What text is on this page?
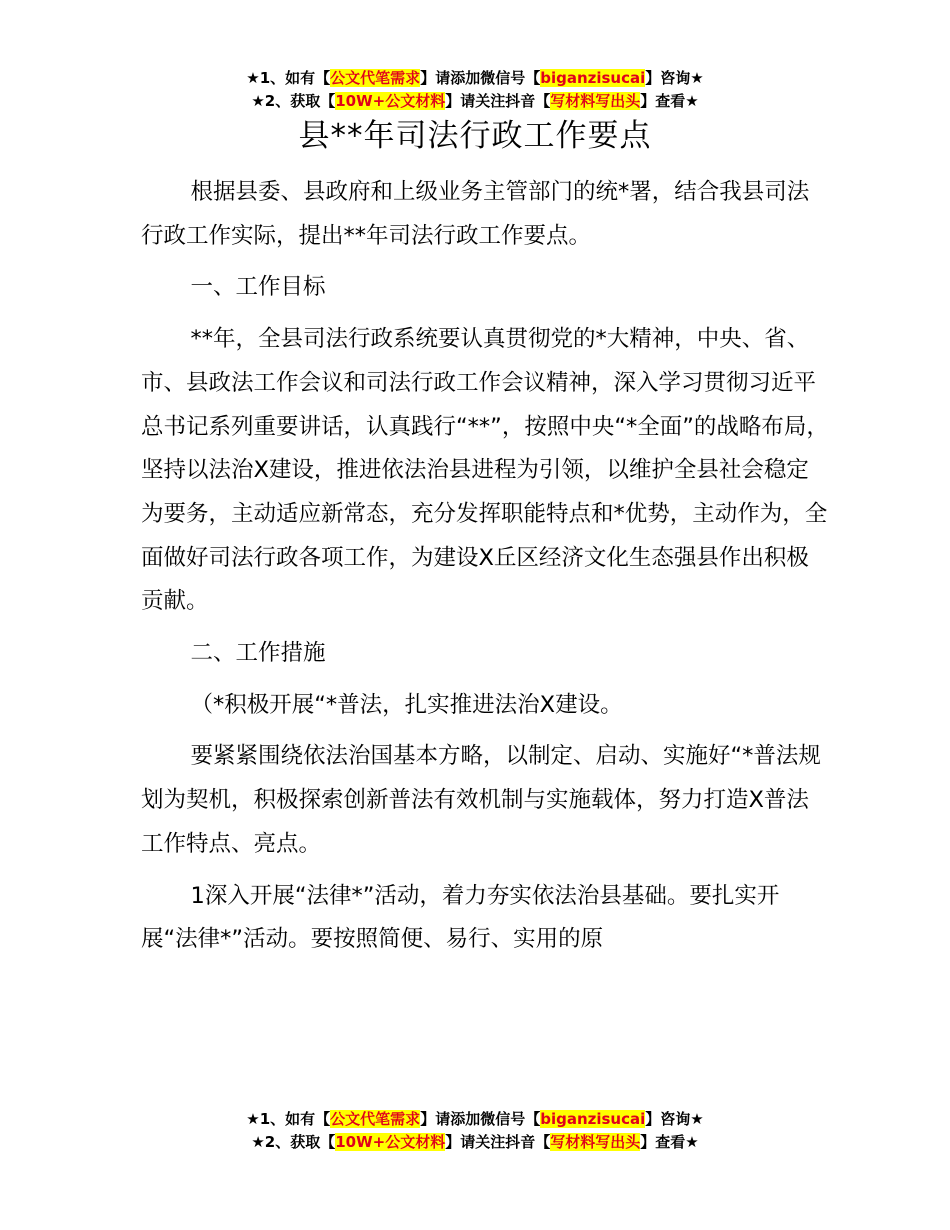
★1、如有【公文代笔需求】请添加微信号【biganzisucai】咨询★
★2、获取【10W+公文材料】请关注抖音【写材料写出头】查看★
县**年司法行政工作要点

根据县委、县政府和上级业务主管部门的统*署，结合我县司法行政工作实际，提出**年司法行政工作要点。

一、工作目标

**年，全县司法行政系统要认真贯彻党的*大精神，中央、省、市、县政法工作会议和司法行政工作会议精神，深入学习贯彻习近平总书记系列重要讲话，认真践行“**”，按照中央“*全面”的战略布局，坚持以法治X建设，推进依法治县进程为引领，以维护全县社会稳定为要务，主动适应新常态，充分发挥职能特点和*优势，主动作为，全面做好司法行政各项工作，为建设X丘区经济文化生态强县作出积极贡献。

二、工作措施

（*积极开展“*普法，扎实推进法治X建设。

要紧紧围绕依法治国基本方略，以制定、启动、实施好“*普法规划为契机，积极探索创新普法有效机制与实施载体，努力打造X普法工作特点、亮点。

1深入开展“法律*”活动，着力夯实依法治县基础。要扎实开展“法律*”活动。要按照简便、易行、实用的原

★1、如有【公文代笔需求】请添加微信号【biganzisucai】咨询★
★2、获取【10W+公文材料】请关注抖音【写材料写出头】查看★
